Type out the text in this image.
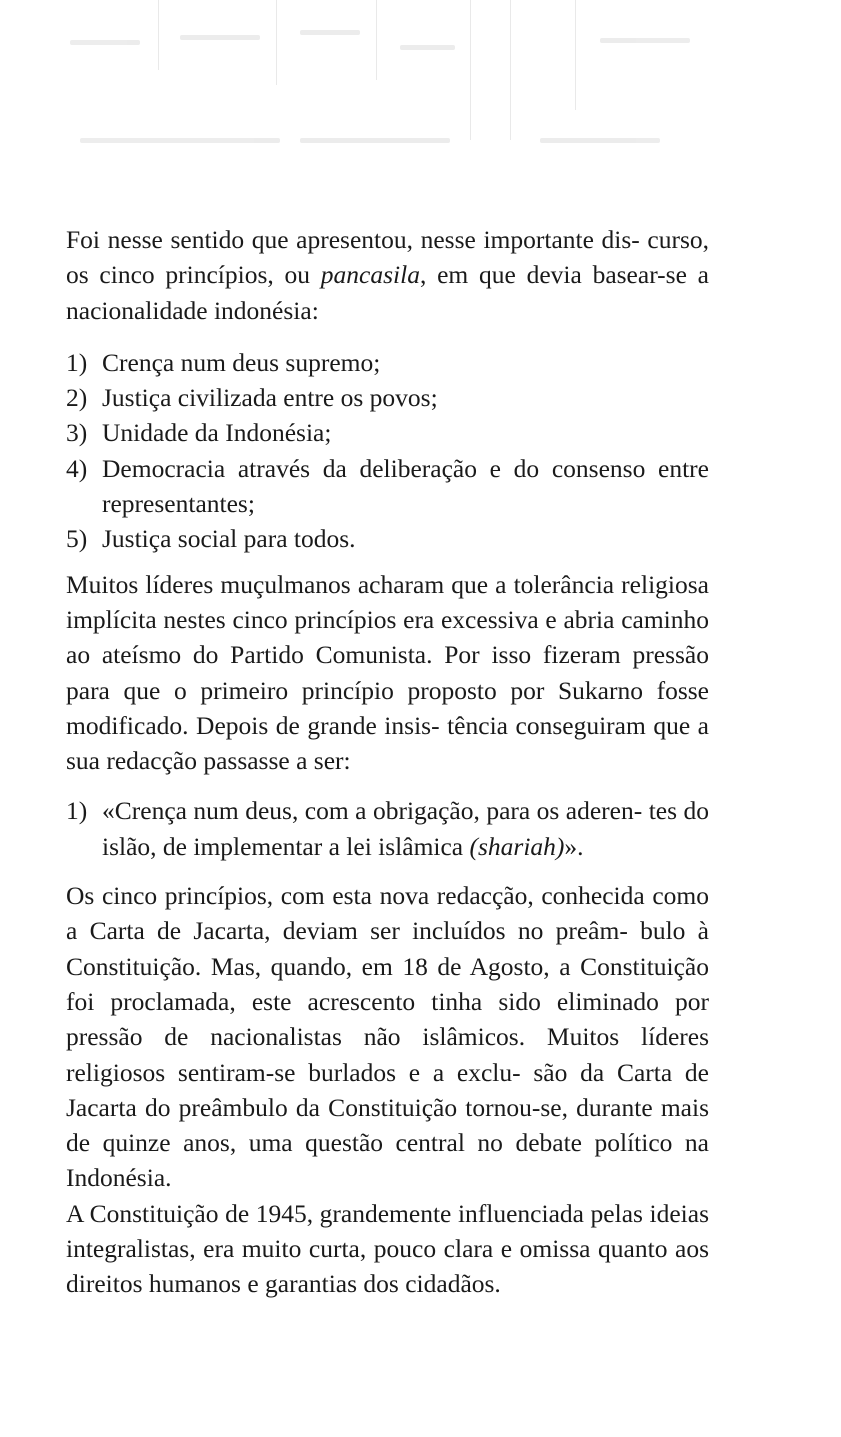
Foi nesse sentido que apresentou, nesse importante dis- curso, os cinco princípios, ou pancasila, em que devia basear-se a nacionalidade indonésia:

1) Crença num deus supremo;
2) Justiça civilizada entre os povos;
3) Unidade da Indonésia;
4) Democracia através da deliberação e do consenso entre representantes;
5) Justiça social para todos.

Muitos líderes muçulmanos acharam que a tolerância religiosa implícita nestes cinco princípios era excessiva e abria caminho ao ateísmo do Partido Comunista. Por isso fizeram pressão para que o primeiro princípio proposto por Sukarno fosse modificado. Depois de grande insis- tência conseguiram que a sua redacção passasse a ser:

1) «Crença num deus, com a obrigação, para os aderen- tes do islão, de implementar a lei islâmica (shariah)».

Os cinco princípios, com esta nova redacção, conhecida como a Carta de Jacarta, deviam ser incluídos no preâm- bulo à Constituição. Mas, quando, em 18 de Agosto, a Constituição foi proclamada, este acrescento tinha sido eliminado por pressão de nacionalistas não islâmicos. Muitos líderes religiosos sentiram-se burlados e a exclu- são da Carta de Jacarta do preâmbulo da Constituição tornou-se, durante mais de quinze anos, uma questão central no debate político na Indonésia.

A Constituição de 1945, grandemente influenciada pelas ideias integralistas, era muito curta, pouco clara e omissa quanto aos direitos humanos e garantias dos cidadãos.
